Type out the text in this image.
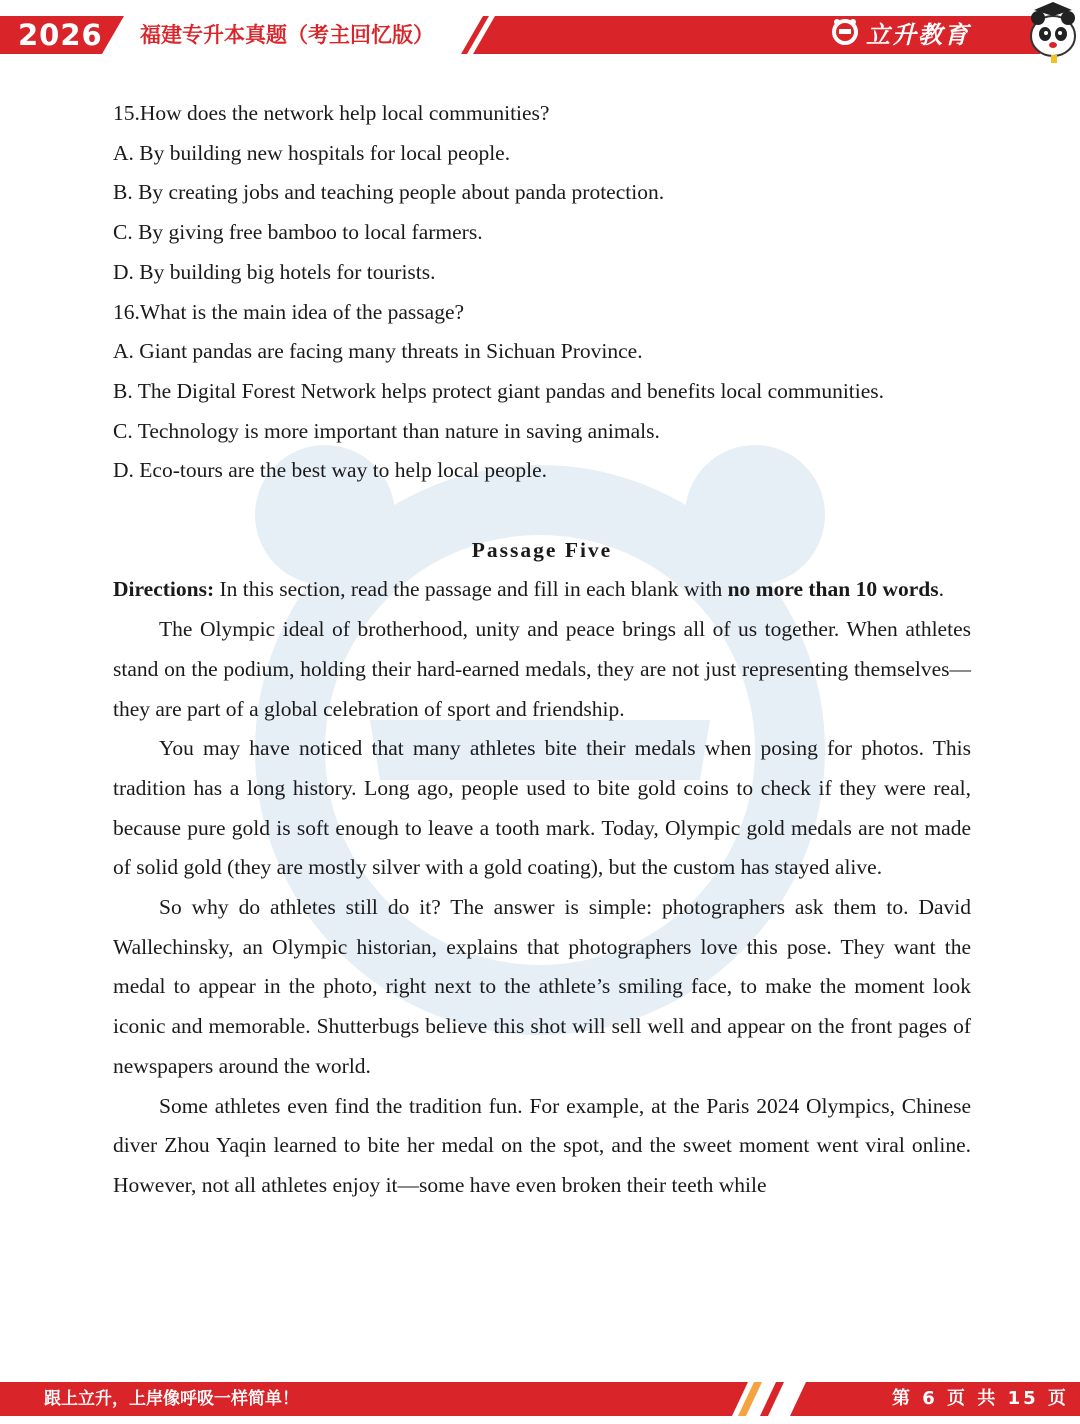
2026 福建专升本真题（考主回忆版）	立升教育
15.How does the network help local communities?
A. By building new hospitals for local people.
B. By creating jobs and teaching people about panda protection.
C. By giving free bamboo to local farmers.
D. By building big hotels for tourists.
16.What is the main idea of the passage?
A. Giant pandas are facing many threats in Sichuan Province.
B. The Digital Forest Network helps protect giant pandas and benefits local communities.
C. Technology is more important than nature in saving animals.
D. Eco-tours are the best way to help local people.
Passage Five
Directions: In this section, read the passage and fill in each blank with no more than 10 words.

The Olympic ideal of brotherhood, unity and peace brings all of us together. When athletes stand on the podium, holding their hard-earned medals, they are not just representing themselves—they are part of a global celebration of sport and friendship.

You may have noticed that many athletes bite their medals when posing for photos. This tradition has a long history. Long ago, people used to bite gold coins to check if they were real, because pure gold is soft enough to leave a tooth mark. Today, Olympic gold medals are not made of solid gold (they are mostly silver with a gold coating), but the custom has stayed alive.

So why do athletes still do it? The answer is simple: photographers ask them to. David Wallechinsky, an Olympic historian, explains that photographers love this pose. They want the medal to appear in the photo, right next to the athlete’s smiling face, to make the moment look iconic and memorable. Shutterbugs believe this shot will sell well and appear on the front pages of newspapers around the world.

Some athletes even find the tradition fun. For example, at the Paris 2024 Olympics, Chinese diver Zhou Yaqin learned to bite her medal on the spot, and the sweet moment went viral online. However, not all athletes enjoy it—some have even broken their teeth while

跟上立升，上岸像呼吸一样简单！	第 6 页 共 15 页
